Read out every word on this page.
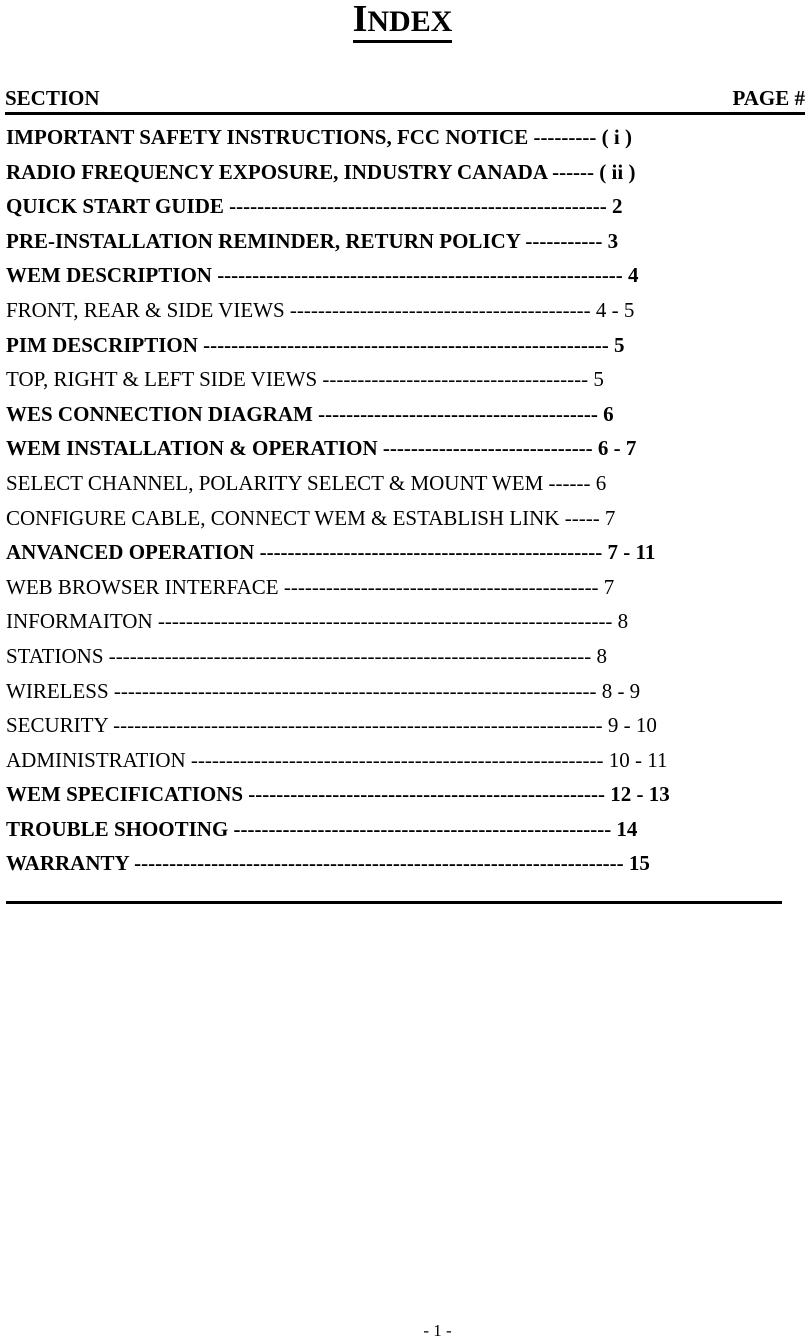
INDEX
SECTION	PAGE #
IMPORTANT SAFETY INSTRUCTIONS, FCC NOTICE --------- ( i )
RADIO FREQUENCY EXPOSURE, INDUSTRY CANADA ------ ( ii )
QUICK START GUIDE ------------------------------------------------------ 2
PRE-INSTALLATION REMINDER, RETURN POLICY ----------- 3
WEM DESCRIPTION ---------------------------------------------------------- 4
FRONT, REAR & SIDE VIEWS ------------------------------------------- 4 - 5
PIM DESCRIPTION ---------------------------------------------------------- 5
TOP, RIGHT & LEFT SIDE VIEWS -------------------------------------- 5
WES CONNECTION DIAGRAM ---------------------------------------- 6
WEM INSTALLATION & OPERATION ------------------------------ 6 - 7
SELECT CHANNEL, POLARITY SELECT & MOUNT WEM ------ 6
CONFIGURE CABLE, CONNECT WEM & ESTABLISH LINK ----- 7
ANVANCED OPERATION ------------------------------------------------- 7 - 11
WEB BROWSER INTERFACE --------------------------------------------- 7
INFORMAITON ----------------------------------------------------------------- 8
STATIONS --------------------------------------------------------------------- 8
WIRELESS --------------------------------------------------------------------- 8 - 9
SECURITY ---------------------------------------------------------------------- 9 - 10
ADMINISTRATION ----------------------------------------------------------- 10 - 11
WEM SPECIFICATIONS --------------------------------------------------- 12 - 13
TROUBLE SHOOTING ------------------------------------------------------ 14
WARRANTY ---------------------------------------------------------------------- 15
- 1 -
